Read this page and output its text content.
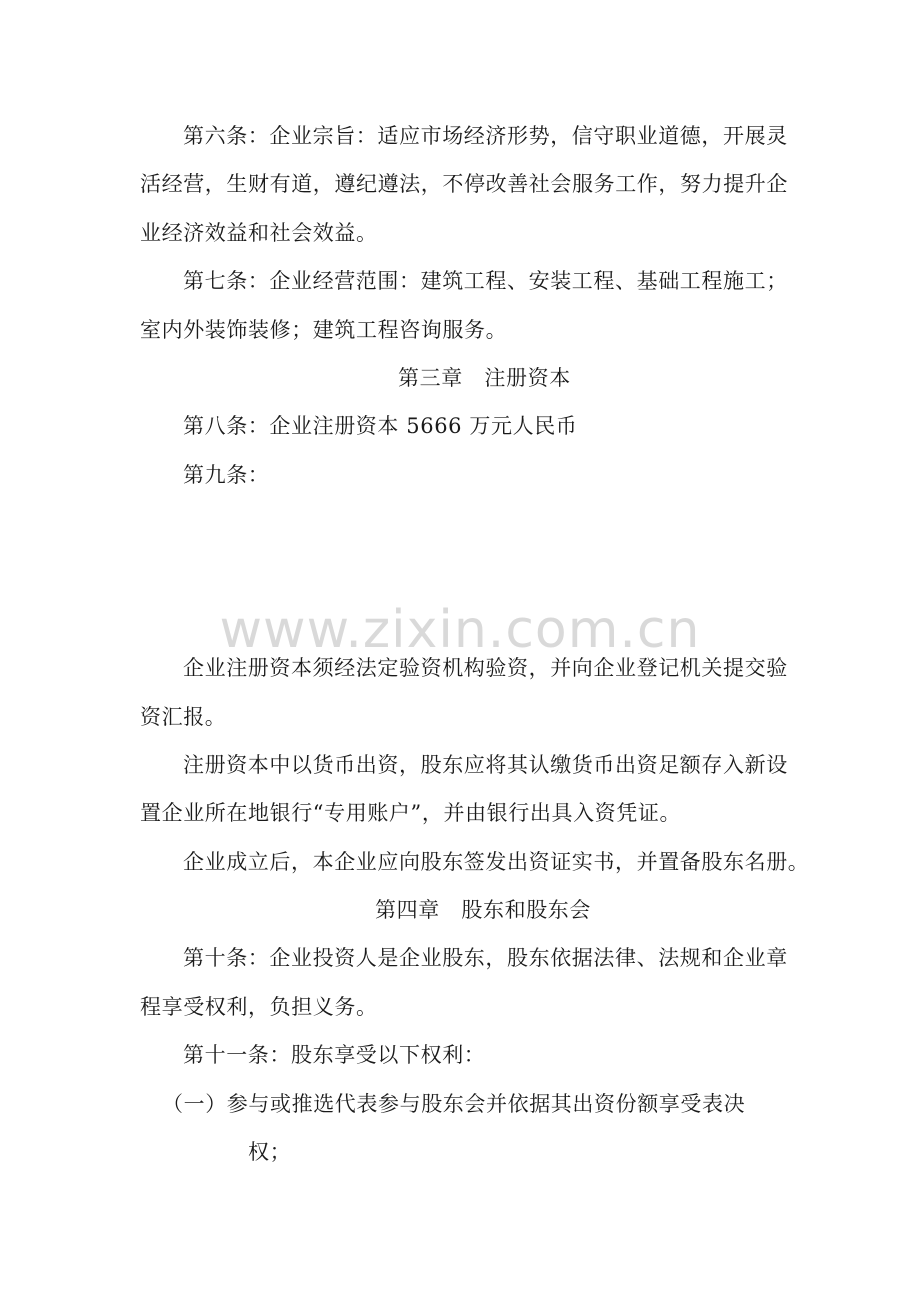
第六条：企业宗旨：适应市场经济形势，信守职业道德，开展灵
活经营，生财有道，遵纪遵法，不停改善社会服务工作，努力提升企
业经济效益和社会效益。
第七条：企业经营范围：建筑工程、安装工程、基础工程施工；
室内外装饰装修；建筑工程咨询服务。
第三章　注册资本
第八条：企业注册资本 5666 万元人民币
第九条：
www.zixin.com.cn
企业注册资本须经法定验资机构验资，并向企业登记机关提交验
资汇报。
注册资本中以货币出资，股东应将其认缴货币出资足额存入新设
置企业所在地银行“专用账户”，并由银行出具入资凭证。
企业成立后，本企业应向股东签发出资证实书，并置备股东名册。
第四章　股东和股东会
第十条：企业投资人是企业股东，股东依据法律、法规和企业章
程享受权利，负担义务。
第十一条：股东享受以下权利：
（一）参与或推选代表参与股东会并依据其出资份额享受表决
权；
